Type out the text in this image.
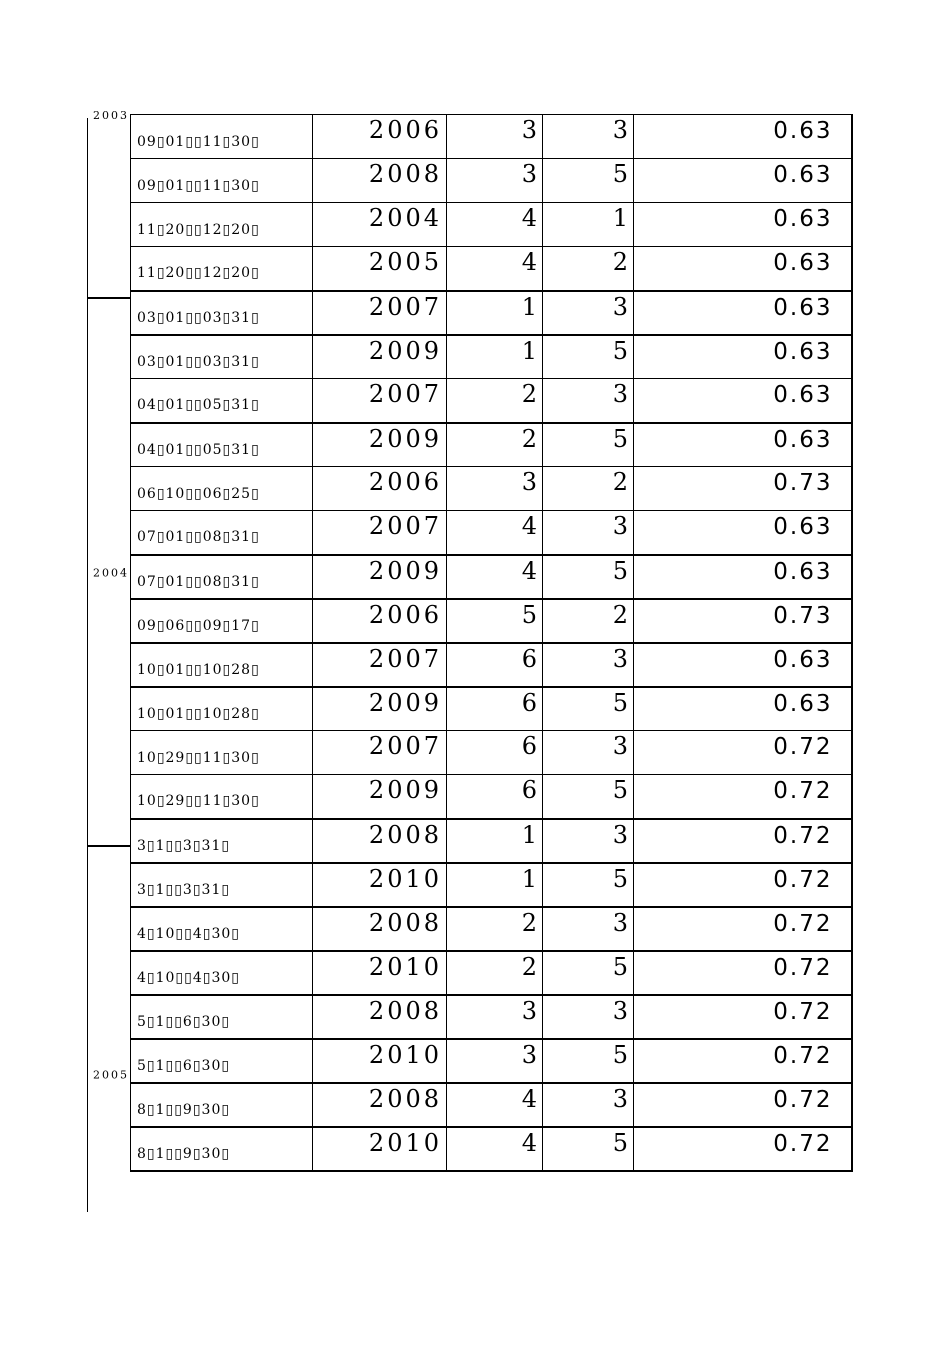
2003
2004
2005
09▯01▯▯11▯30▯	2006	3	3	0.63
09▯01▯▯11▯30▯	2008	3	5	0.63
11▯20▯▯12▯20▯	2004	4	1	0.63
11▯20▯▯12▯20▯	2005	4	2	0.63
03▯01▯▯03▯31▯	2007	1	3	0.63
03▯01▯▯03▯31▯	2009	1	5	0.63
04▯01▯▯05▯31▯	2007	2	3	0.63
04▯01▯▯05▯31▯	2009	2	5	0.63
06▯10▯▯06▯25▯	2006	3	2	0.73
07▯01▯▯08▯31▯	2007	4	3	0.63
07▯01▯▯08▯31▯	2009	4	5	0.63
09▯06▯▯09▯17▯	2006	5	2	0.73
10▯01▯▯10▯28▯	2007	6	3	0.63
10▯01▯▯10▯28▯	2009	6	5	0.63
10▯29▯▯11▯30▯	2007	6	3	0.72
10▯29▯▯11▯30▯	2009	6	5	0.72
3▯1▯▯3▯31▯	2008	1	3	0.72
3▯1▯▯3▯31▯	2010	1	5	0.72
4▯10▯▯4▯30▯	2008	2	3	0.72
4▯10▯▯4▯30▯	2010	2	5	0.72
5▯1▯▯6▯30▯	2008	3	3	0.72
5▯1▯▯6▯30▯	2010	3	5	0.72
8▯1▯▯9▯30▯	2008	4	3	0.72
8▯1▯▯9▯30▯	2010	4	5	0.72
